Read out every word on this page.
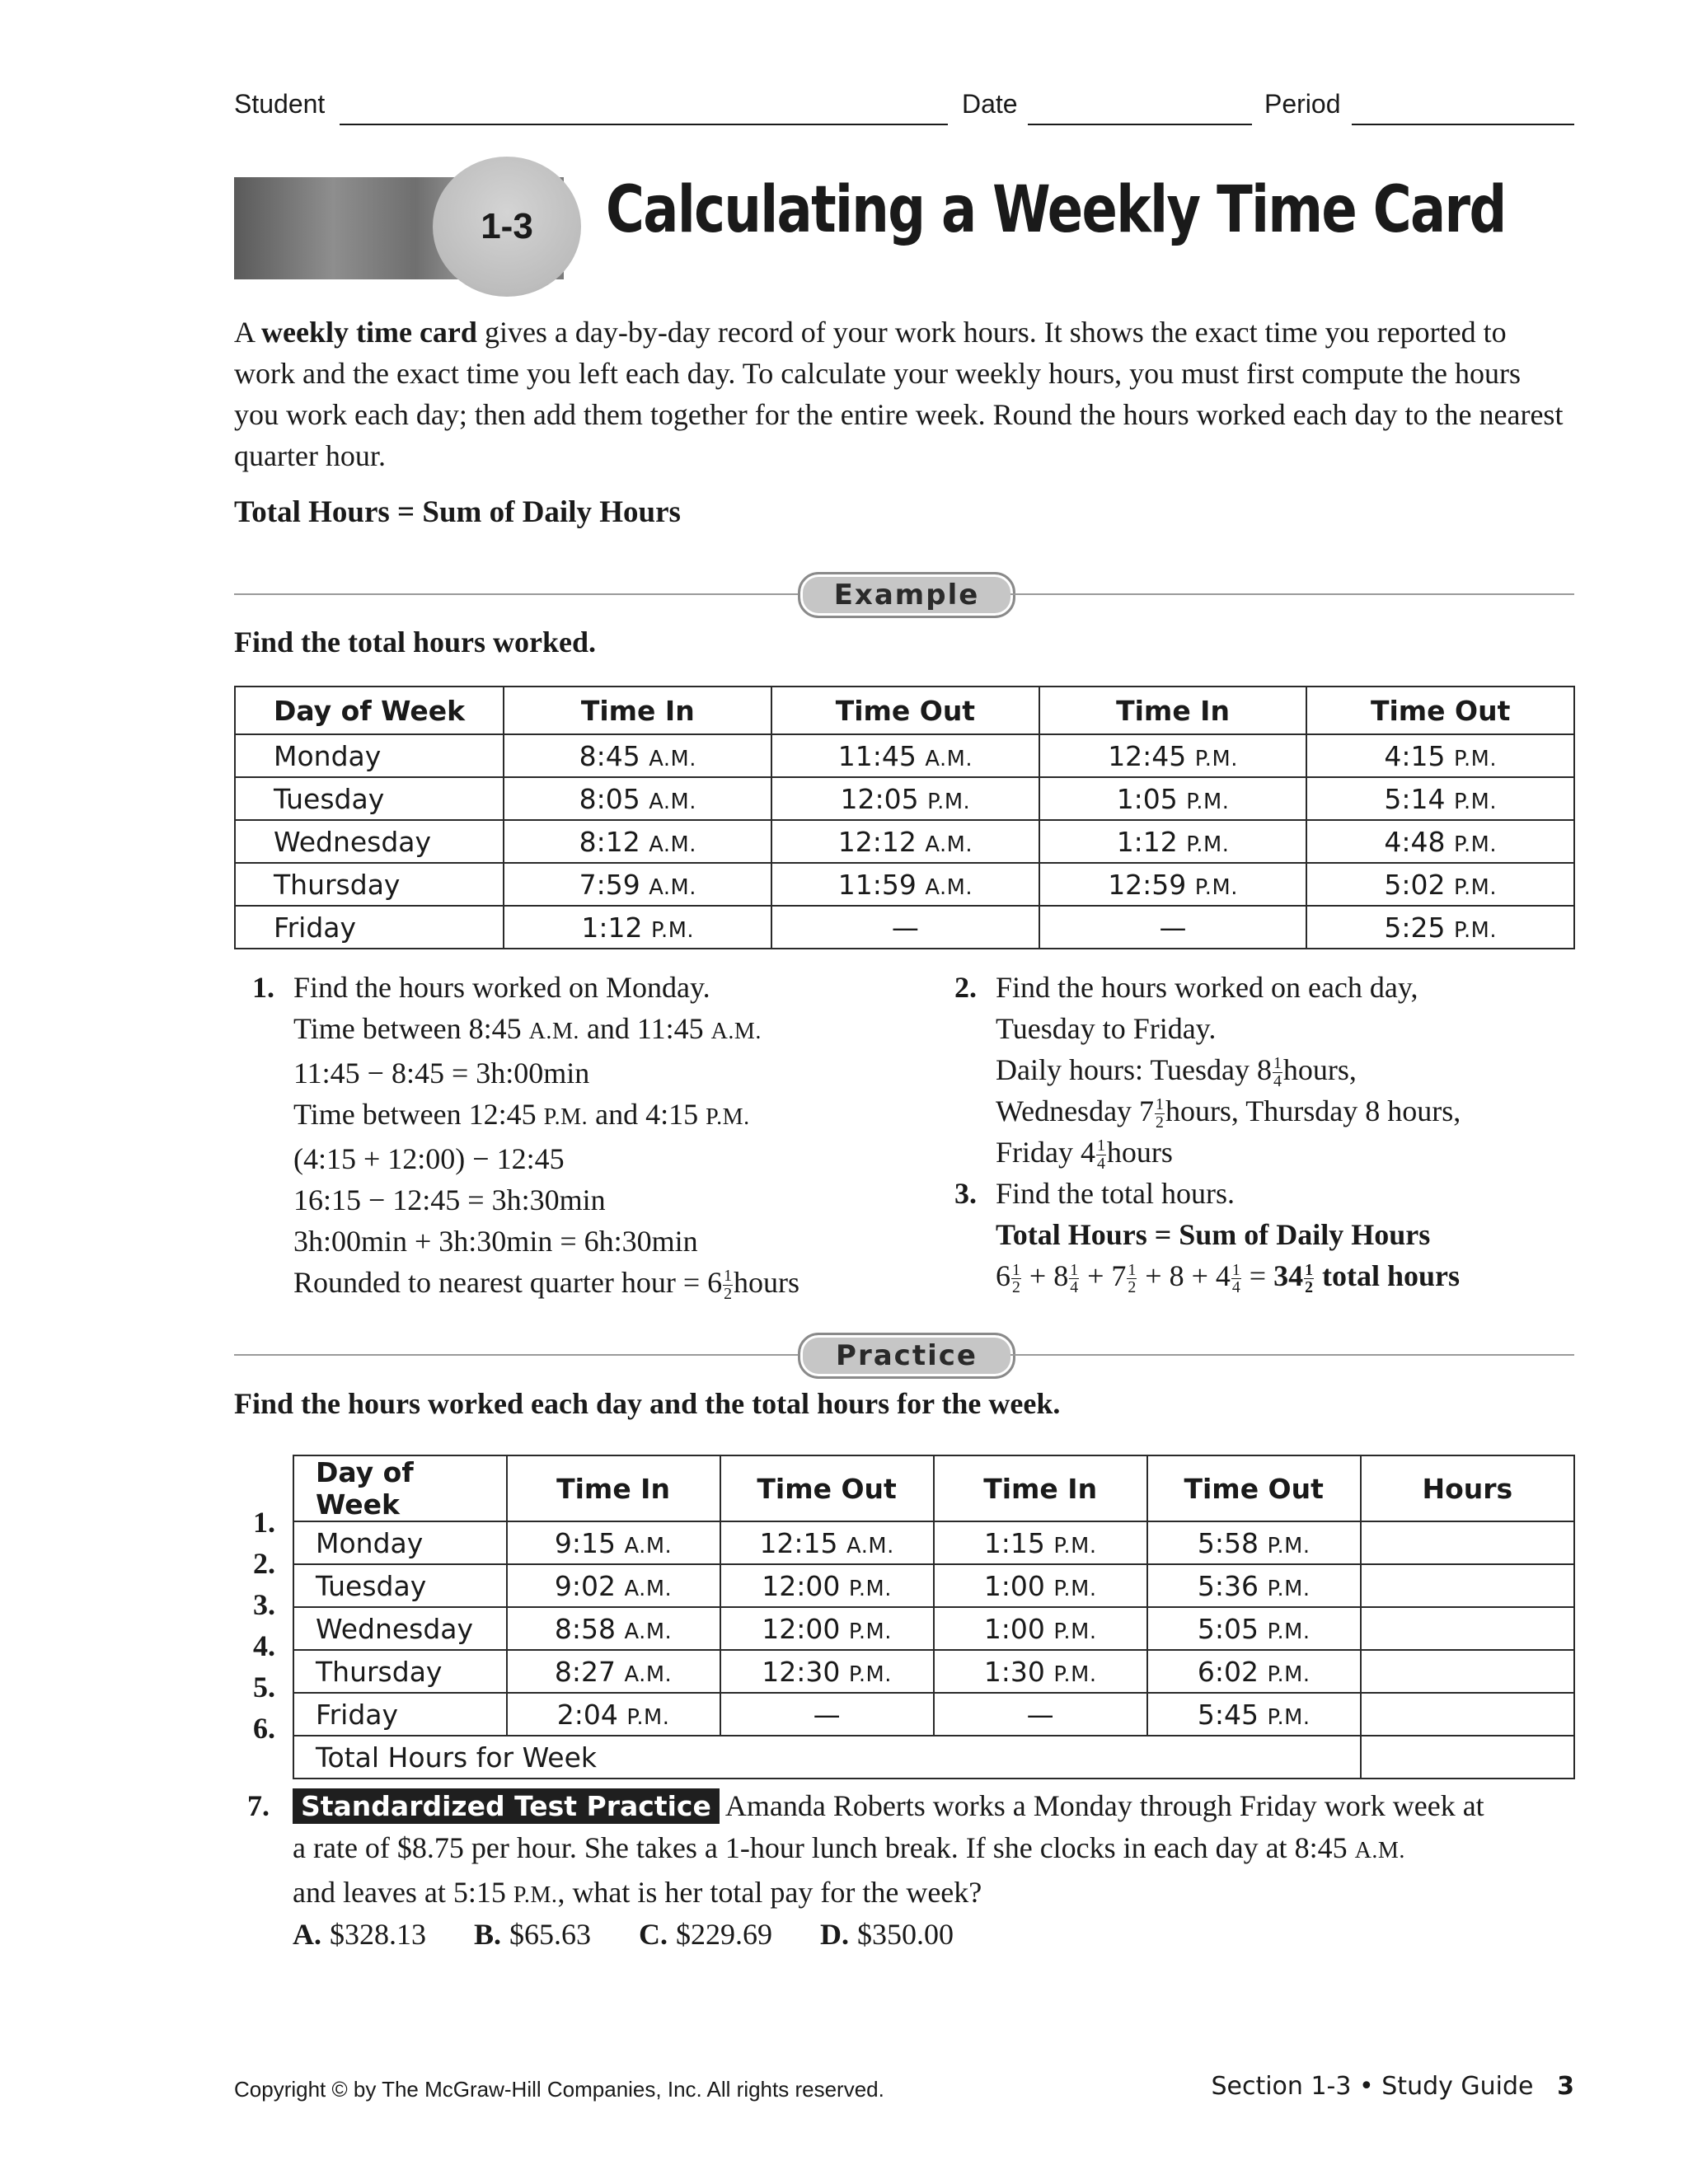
Student	Date	Period
1-3	Calculating a Weekly Time Card
A weekly time card gives a day-by-day record of your work hours. It shows the exact time you reported to work and the exact time you left each day. To calculate your weekly hours, you must first compute the hours you work each day; then add them together for the entire week. Round the hours worked each day to the nearest quarter hour.
Total Hours = Sum of Daily Hours
Example
Find the total hours worked.
Day of Week	Time In	Time Out	Time In	Time Out
Monday	8:45 A.M.	11:45 A.M.	12:45 P.M.	4:15 P.M.
Tuesday	8:05 A.M.	12:05 P.M.	1:05 P.M.	5:14 P.M.
Wednesday	8:12 A.M.	12:12 A.M.	1:12 P.M.	4:48 P.M.
Thursday	7:59 A.M.	11:59 A.M.	12:59 P.M.	5:02 P.M.
Friday	1:12 P.M.	—	—	5:25 P.M.
1. Find the hours worked on Monday.
Time between 8:45 A.M. and 11:45 A.M.
11:45 − 8:45 = 3h:00min
Time between 12:45 P.M. and 4:15 P.M.
(4:15 + 12:00) − 12:45
16:15 − 12:45 = 3h:30min
3h:00min + 3h:30min = 6h:30min
Rounded to nearest quarter hour = $6 \frac{1}{2}$ hours
2. Find the hours worked on each day,
Tuesday to Friday.
Daily hours: Tuesday $8 \frac{1}{4}$ hours,
Wednesday $7 \frac{1}{2}$ hours, Thursday 8 hours,
Friday $4 \frac{1}{4}$ hours
3. Find the total hours.
Total Hours = Sum of Daily Hours
$6 \frac{1}{2} + 8 \frac{1}{4} + 7 \frac{1}{2} + 8 + 4 \frac{1}{4} = 34 \frac{1}{2}$ total hours
Practice
Find the hours worked each day and the total hours for the week.
1.
2.
3.
4.
5.
6.
Day of Week	Time In	Time Out	Time In	Time Out	Hours
Monday	9:15 A.M.	12:15 A.M.	1:15 P.M.	5:58 P.M.	
Tuesday	9:02 A.M.	12:00 P.M.	1:00 P.M.	5:36 P.M.	
Wednesday	8:58 A.M.	12:00 P.M.	1:00 P.M.	5:05 P.M.	
Thursday	8:27 A.M.	12:30 P.M.	1:30 P.M.	6:02 P.M.	
Friday	2:04 P.M.	—	—	5:45 P.M.	
Total Hours for Week					
7. Standardized Test Practice Amanda Roberts works a Monday through Friday work week at
a rate of $8.75 per hour. She takes a 1-hour lunch break. If she clocks in each day at 8:45 A.M.
and leaves at 5:15 P.M., what is her total pay for the week?
A. $328.13 B. $65.63 C. $229.69 D. $350.00
Copyright © by The McGraw-Hill Companies, Inc. All rights reserved.	Section 1-3 • Study Guide 3
